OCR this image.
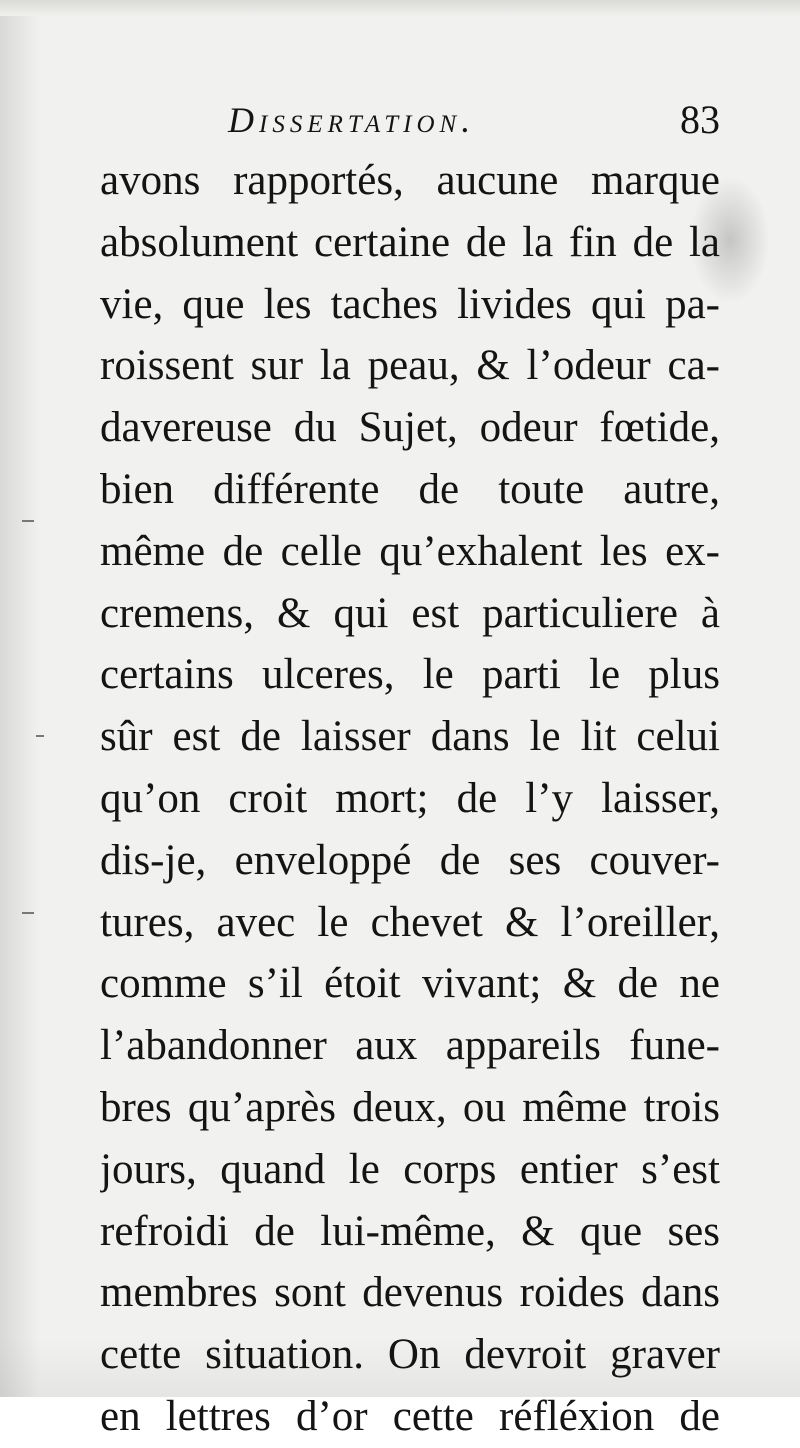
Dissertation.	83
avons rapportés, aucune marque
absolument certaine de la fin de la
vie, que les taches livides qui pa-
roissent sur la peau, & l’odeur ca-
davereuse du Sujet, odeur fœtide,
bien différente de toute autre,
même de celle qu’exhalent les ex-
cremens, & qui est particuliere à
certains ulceres, le parti le plus
sûr est de laisser dans le lit celui
qu’on croit mort; de l’y laisser,
dis-je, enveloppé de ses couver-
tures, avec le chevet & l’oreiller,
comme s’il étoit vivant; & de ne
l’abandonner aux appareils fune-
bres qu’après deux, ou même trois
jours, quand le corps entier s’est
refroidi de lui-même, & que ses
membres sont devenus roides dans
cette situation. On devroit graver
en lettres d’or cette réfléxion de
